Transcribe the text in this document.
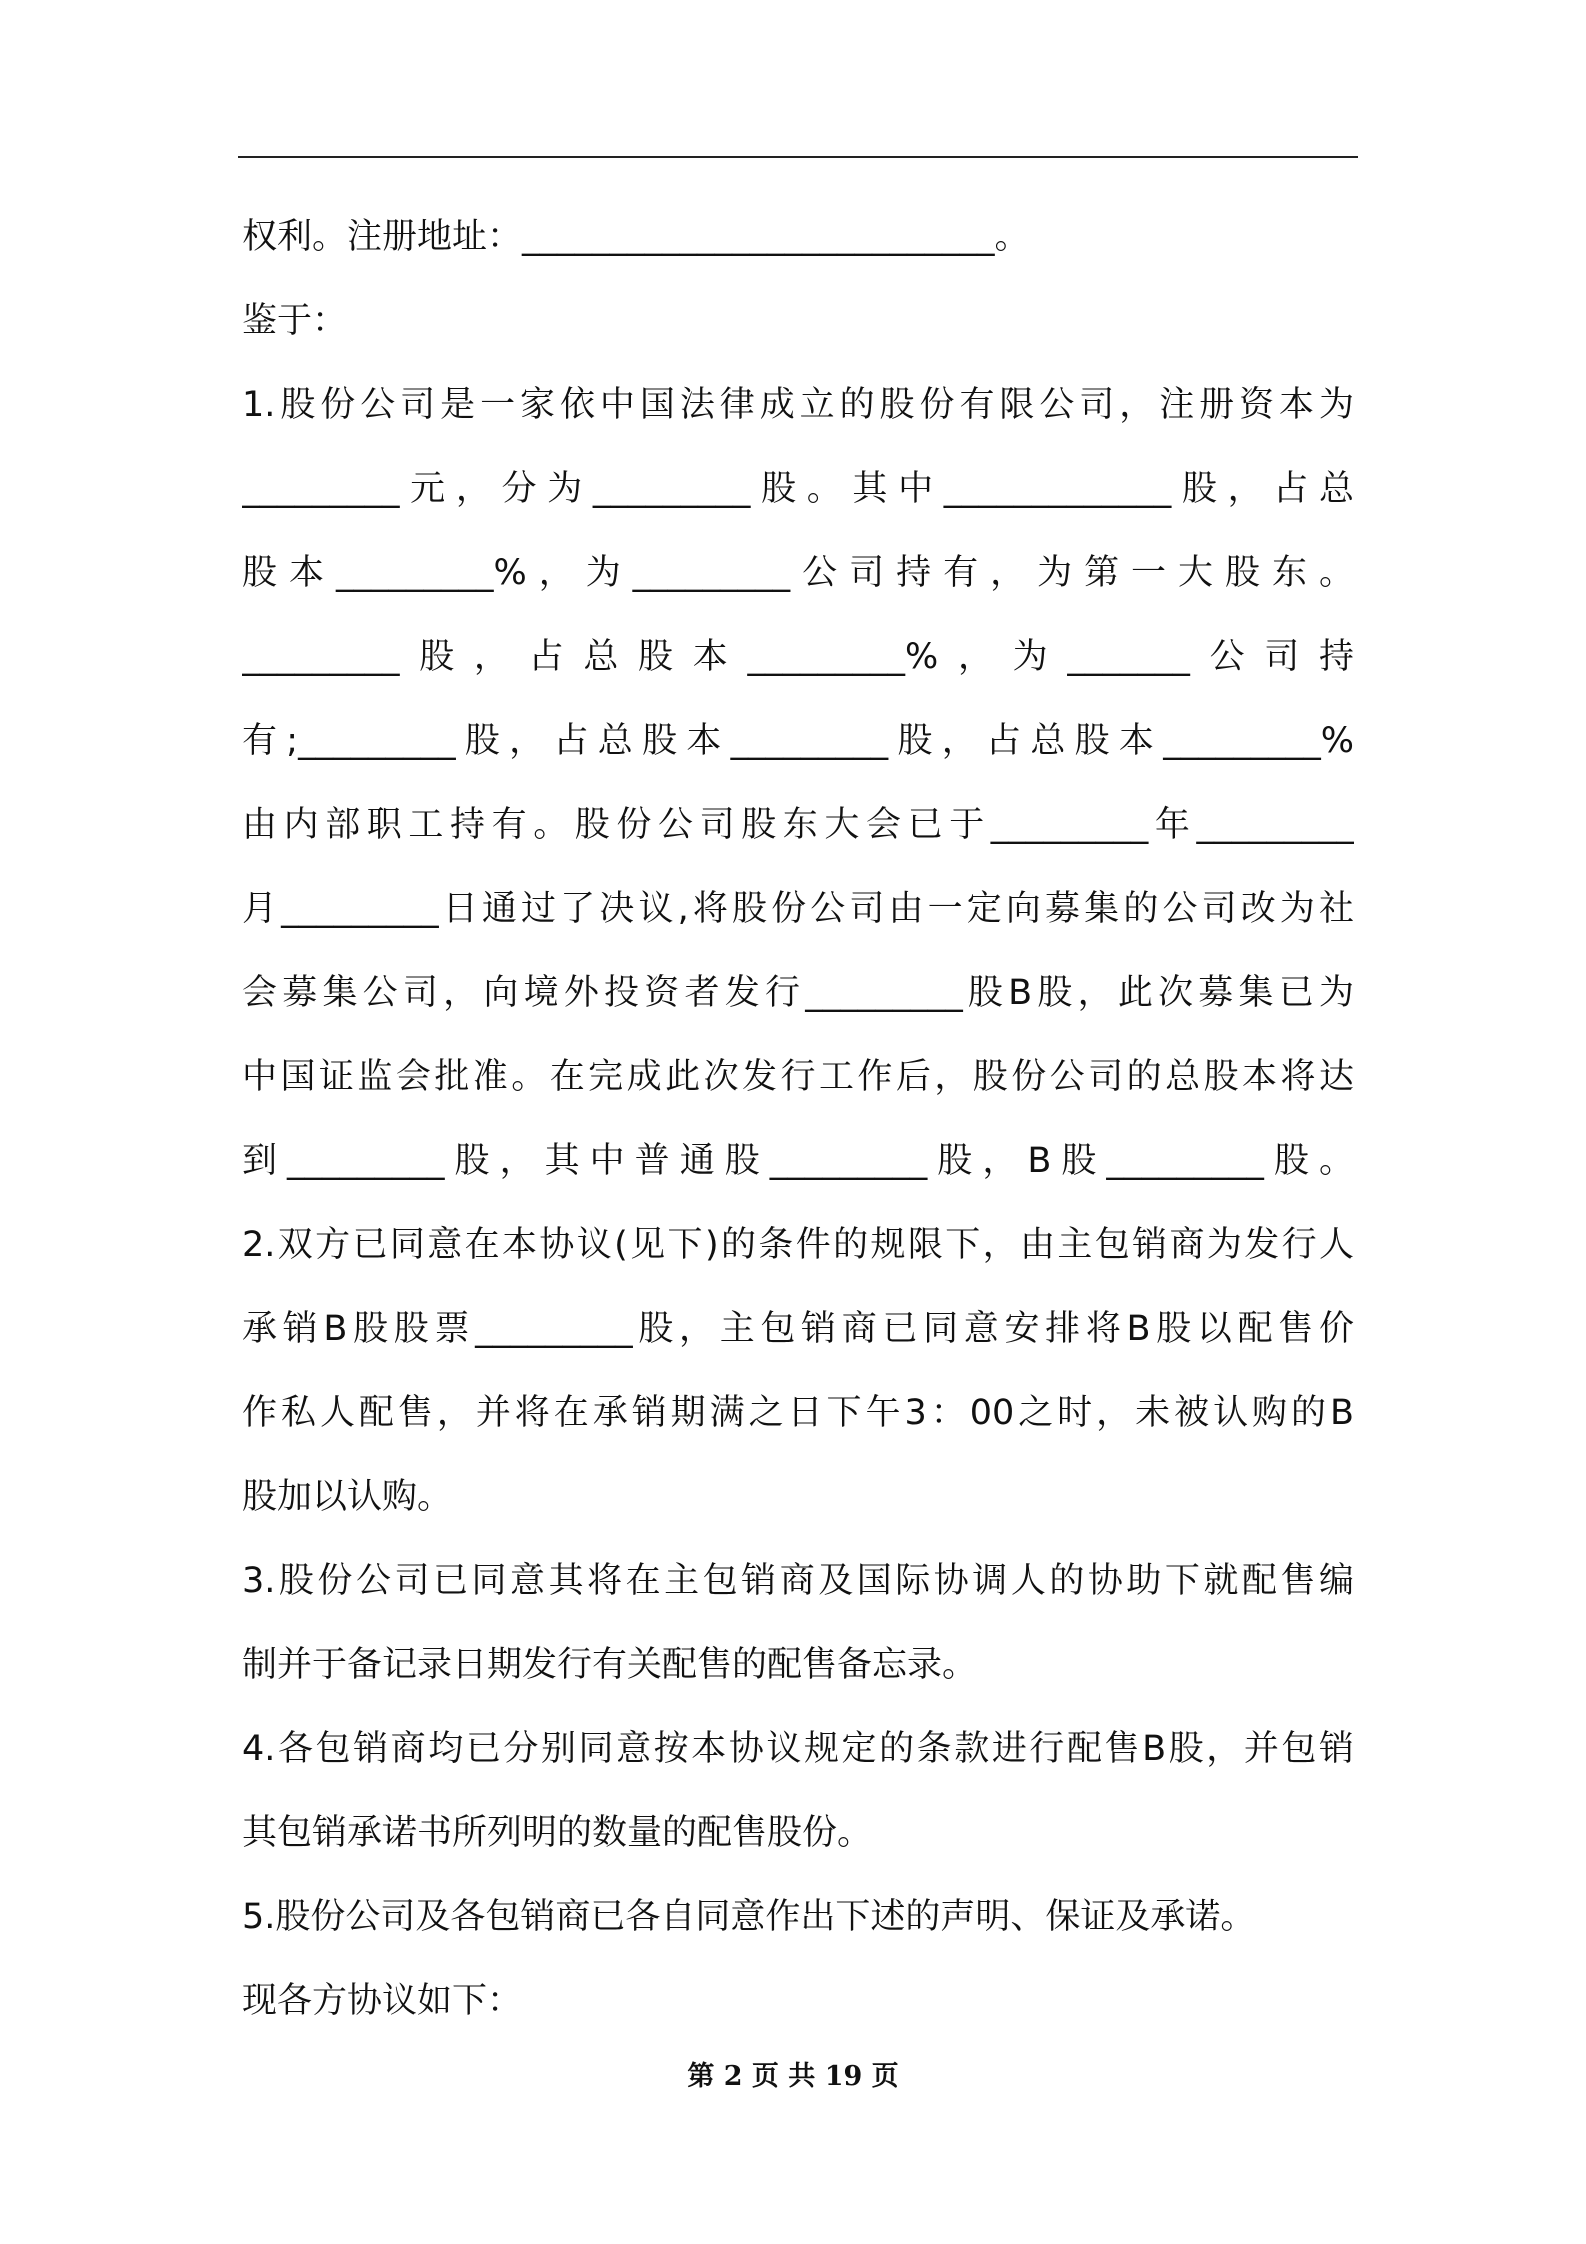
权利。注册地址：___________________________。
鉴于：
1.股份公司是一家依中国法律成立的股份有限公司，注册资本为
_________元，分为_________股。其中_____________股，占总
股本_________%，为_________公司持有，为第一大股东。
_________股，占总股本_________%，为_______公司持
有;_________股，占总股本_________股，占总股本_________%
由内部职工持有。股份公司股东大会已于_________年_________
月_________日通过了决议,将股份公司由一定向募集的公司改为社
会募集公司，向境外投资者发行_________股B股，此次募集已为
中国证监会批准。在完成此次发行工作后，股份公司的总股本将达
到_________股，其中普通股_________股，B股_________股。
2.双方已同意在本协议(见下)的条件的规限下，由主包销商为发行人
承销B股股票_________股，主包销商已同意安排将B股以配售价
作私人配售，并将在承销期满之日下午3：00之时，未被认购的B
股加以认购。
3.股份公司已同意其将在主包销商及国际协调人的协助下就配售编
制并于备记录日期发行有关配售的配售备忘录。
4.各包销商均已分别同意按本协议规定的条款进行配售B股，并包销
其包销承诺书所列明的数量的配售股份。
5.股份公司及各包销商已各自同意作出下述的声明、保证及承诺。
现各方协议如下：
第 2 页 共 19 页
